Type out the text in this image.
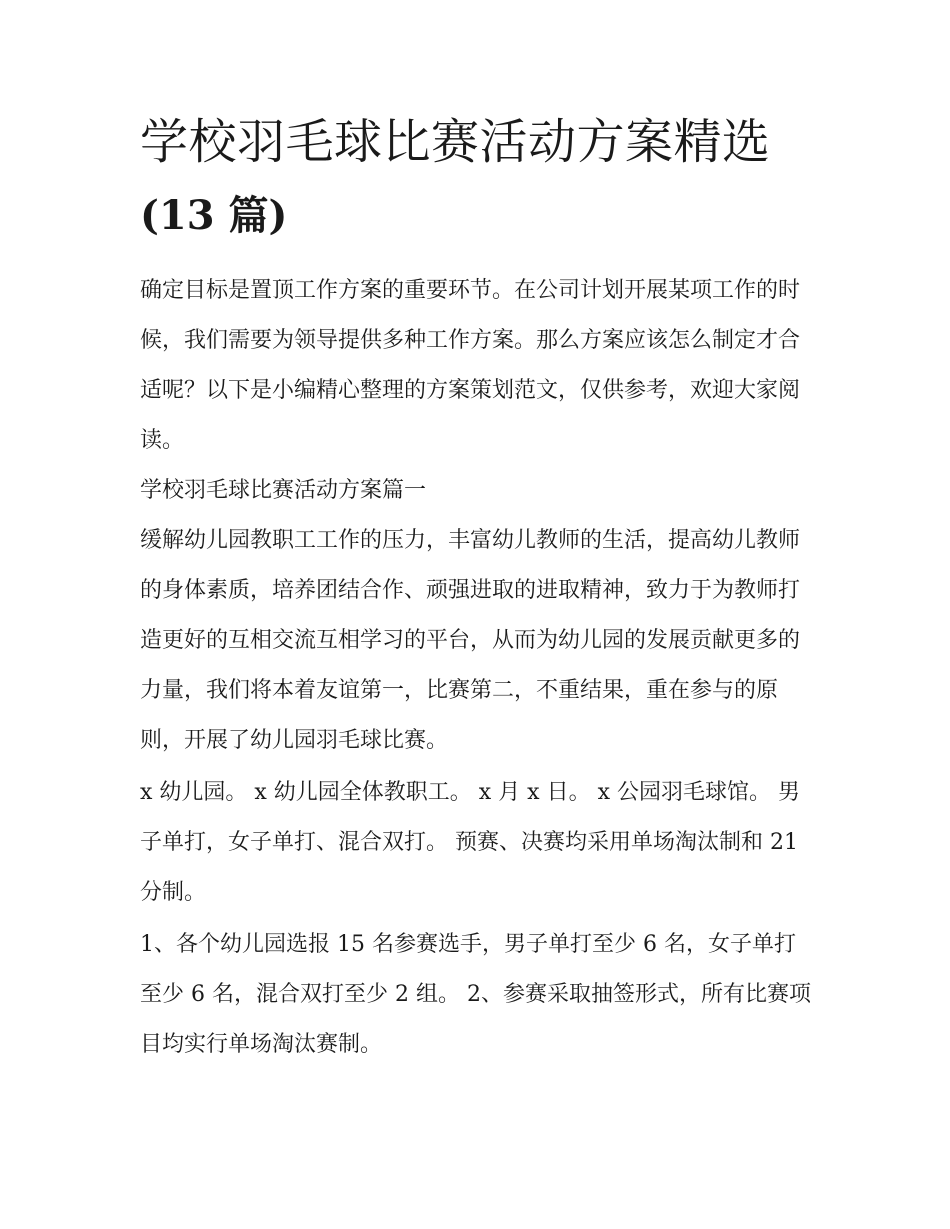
学校羽毛球比赛活动方案精选
(13 篇)

确定目标是置顶工作方案的重要环节。在公司计划开展某项工作的时候，我们需要为领导提供多种工作方案。那么方案应该怎么制定才合适呢？以下是小编精心整理的方案策划范文，仅供参考，欢迎大家阅读。

学校羽毛球比赛活动方案篇一

缓解幼儿园教职工工作的压力，丰富幼儿教师的生活，提高幼儿教师的身体素质，培养团结合作、顽强进取的进取精神，致力于为教师打造更好的互相交流互相学习的平台，从而为幼儿园的发展贡献更多的力量，我们将本着友谊第一，比赛第二，不重结果，重在参与的原则，开展了幼儿园羽毛球比赛。

x 幼儿园。 x 幼儿园全体教职工。 x 月 x 日。 x 公园羽毛球馆。 男子单打，女子单打、混合双打。 预赛、决赛均采用单场淘汰制和 21 分制。

1、各个幼儿园选报 15 名参赛选手，男子单打至少 6 名，女子单打至少 6 名，混合双打至少 2 组。 2、参赛采取抽签形式，所有比赛项目均实行单场淘汰赛制。
